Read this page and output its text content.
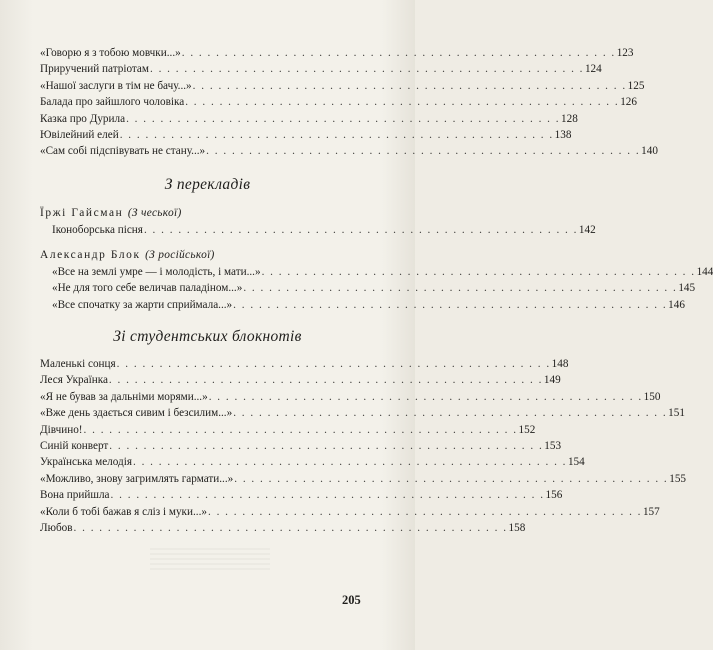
«Говорю я з тобою мовчки...» . . . . . . . . . . . . . . . . . . . . . . . . . . . . . . . . . . . . . . . . . . . . . . . . . . . 123
Приручений патріотам . . . . . . . . . . . . . . . . . . . . . . . . . . . . . . . . . . . . . . . . . . . . . . . . . . . 124
«Нашої заслуги в тім не бачу...» . . . . . . . . . . . . . . . . . . . . . . . . . . . . . . . . . . . . . . . . . . . . . . . . . . . 125
Балада про зайшлого чоловіка . . . . . . . . . . . . . . . . . . . . . . . . . . . . . . . . . . . . . . . . . . . . . . . . . . . 126
Казка про Дурила . . . . . . . . . . . . . . . . . . . . . . . . . . . . . . . . . . . . . . . . . . . . . . . . . . . 128
Ювілейний елей . . . . . . . . . . . . . . . . . . . . . . . . . . . . . . . . . . . . . . . . . . . . . . . . . . . 138
«Сам собі підспівувать не стану...» . . . . . . . . . . . . . . . . . . . . . . . . . . . . . . . . . . . . . . . . . . . . . . . . . . . 140
З перекладів
Їржі Гайсман (З чеської)
Іконоборська пісня . . . . . . . . . . . . . . . . . . . . . . . . . . . . . . . . . . . . . . . . . . . . . . . . . . . 142
Александр Блок (З російської)
«Все на землі умре — і молодість, і мати...» . . . . . . . . . . . . . . . . . . . . . . . . . . . . . . . . . . . . . . . . . . . . . . . . . . . 144
«Не для того себе величав паладіном...» . . . . . . . . . . . . . . . . . . . . . . . . . . . . . . . . . . . . . . . . . . . . . . . . . . . 145
«Все спочатку за жарти сприймала...» . . . . . . . . . . . . . . . . . . . . . . . . . . . . . . . . . . . . . . . . . . . . . . . . . . . 146
Зі студентських блокнотів
Маленькі сонця . . . . . . . . . . . . . . . . . . . . . . . . . . . . . . . . . . . . . . . . . . . . . . . . . . . 148
Леся Українка . . . . . . . . . . . . . . . . . . . . . . . . . . . . . . . . . . . . . . . . . . . . . . . . . . . 149
«Я не бував за дальніми морями...» . . . . . . . . . . . . . . . . . . . . . . . . . . . . . . . . . . . . . . . . . . . . . . . . . . . 150
«Вже день здається сивим і безсилим...» . . . . . . . . . . . . . . . . . . . . . . . . . . . . . . . . . . . . . . . . . . . . . . . . . . . 151
Дівчино! . . . . . . . . . . . . . . . . . . . . . . . . . . . . . . . . . . . . . . . . . . . . . . . . . . . 152
Синій конверт . . . . . . . . . . . . . . . . . . . . . . . . . . . . . . . . . . . . . . . . . . . . . . . . . . . 153
Українська мелодія . . . . . . . . . . . . . . . . . . . . . . . . . . . . . . . . . . . . . . . . . . . . . . . . . . . 154
«Можливо, знову загримлять гармати...» . . . . . . . . . . . . . . . . . . . . . . . . . . . . . . . . . . . . . . . . . . . . . . . . . . . 155
Вона прийшла . . . . . . . . . . . . . . . . . . . . . . . . . . . . . . . . . . . . . . . . . . . . . . . . . . . 156
«Коли б тобі бажав я сліз і муки...» . . . . . . . . . . . . . . . . . . . . . . . . . . . . . . . . . . . . . . . . . . . . . . . . . . . 157
Любов . . . . . . . . . . . . . . . . . . . . . . . . . . . . . . . . . . . . . . . . . . . . . . . . . . . 158
205
